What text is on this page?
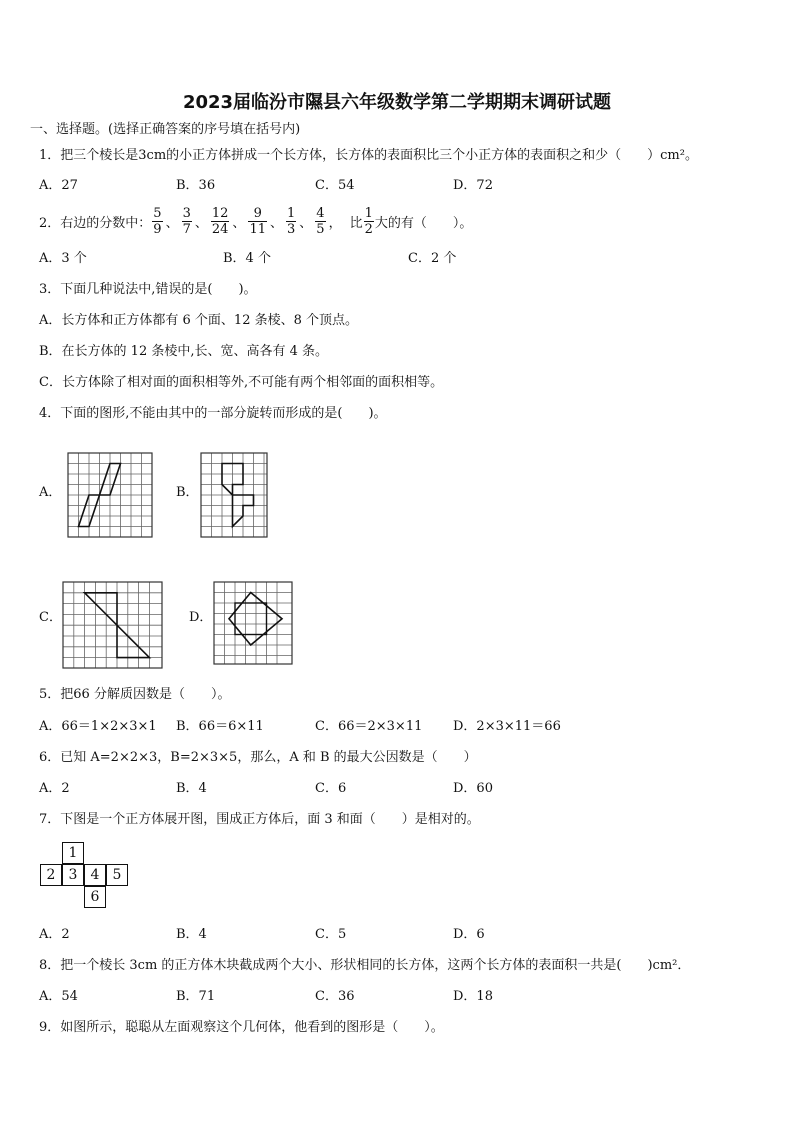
2023届临汾市隰县六年级数学第二学期期末调研试题
一、选择题。(选择正确答案的序号填在括号内)
1．把三个棱长是3cm的小正方体拼成一个长方体，长方体的表面积比三个小正方体的表面积之和少（　　）cm²。
A．27	B．36	C．54	D．72
2．右边的分数中： $\frac{5}{9}$ 、 $\frac{3}{7}$ 、 $\frac{12}{24}$ 、 $\frac{9}{11}$ 、 $\frac{1}{3}$ 、 $\frac{4}{5}$ ， 比 $\frac{1}{2}$ 大的有（　　）。
A．3 个	B．4 个	C．2 个
3．下面几种说法中,错误的是(　　)。
A．长方体和正方体都有 6 个面、12 条棱、8 个顶点。
B．在长方体的 12 条棱中,长、宽、高各有 4 条。
C．长方体除了相对面的面积相等外,不可能有两个相邻面的面积相等。
4．下面的图形,不能由其中的一部分旋转而形成的是(　　)。
A．	B．
C．	D．
5．把66 分解质因数是（　　）。
A．66＝1×2×3×1 B．66＝6×11	C．66＝2×3×11 D．2×3×11＝66
6．已知 A=2×2×3，B=2×3×5，那么，A 和 B 的最大公因数是（　　）
A．2	B．4	C．6	D．60
7．下图是一个正方体展开图，围成正方体后，面 3 和面（　　）是相对的。
1
2 3 4 5
6
A．2	B．4	C．5	D．6
8．把一个棱长 3cm 的正方体木块截成两个大小、形状相同的长方体，这两个长方体的表面积一共是(　　)cm²．
A．54	B．71	C．36	D．18
9．如图所示，聪聪从左面观察这个几何体，他看到的图形是（　　）。
